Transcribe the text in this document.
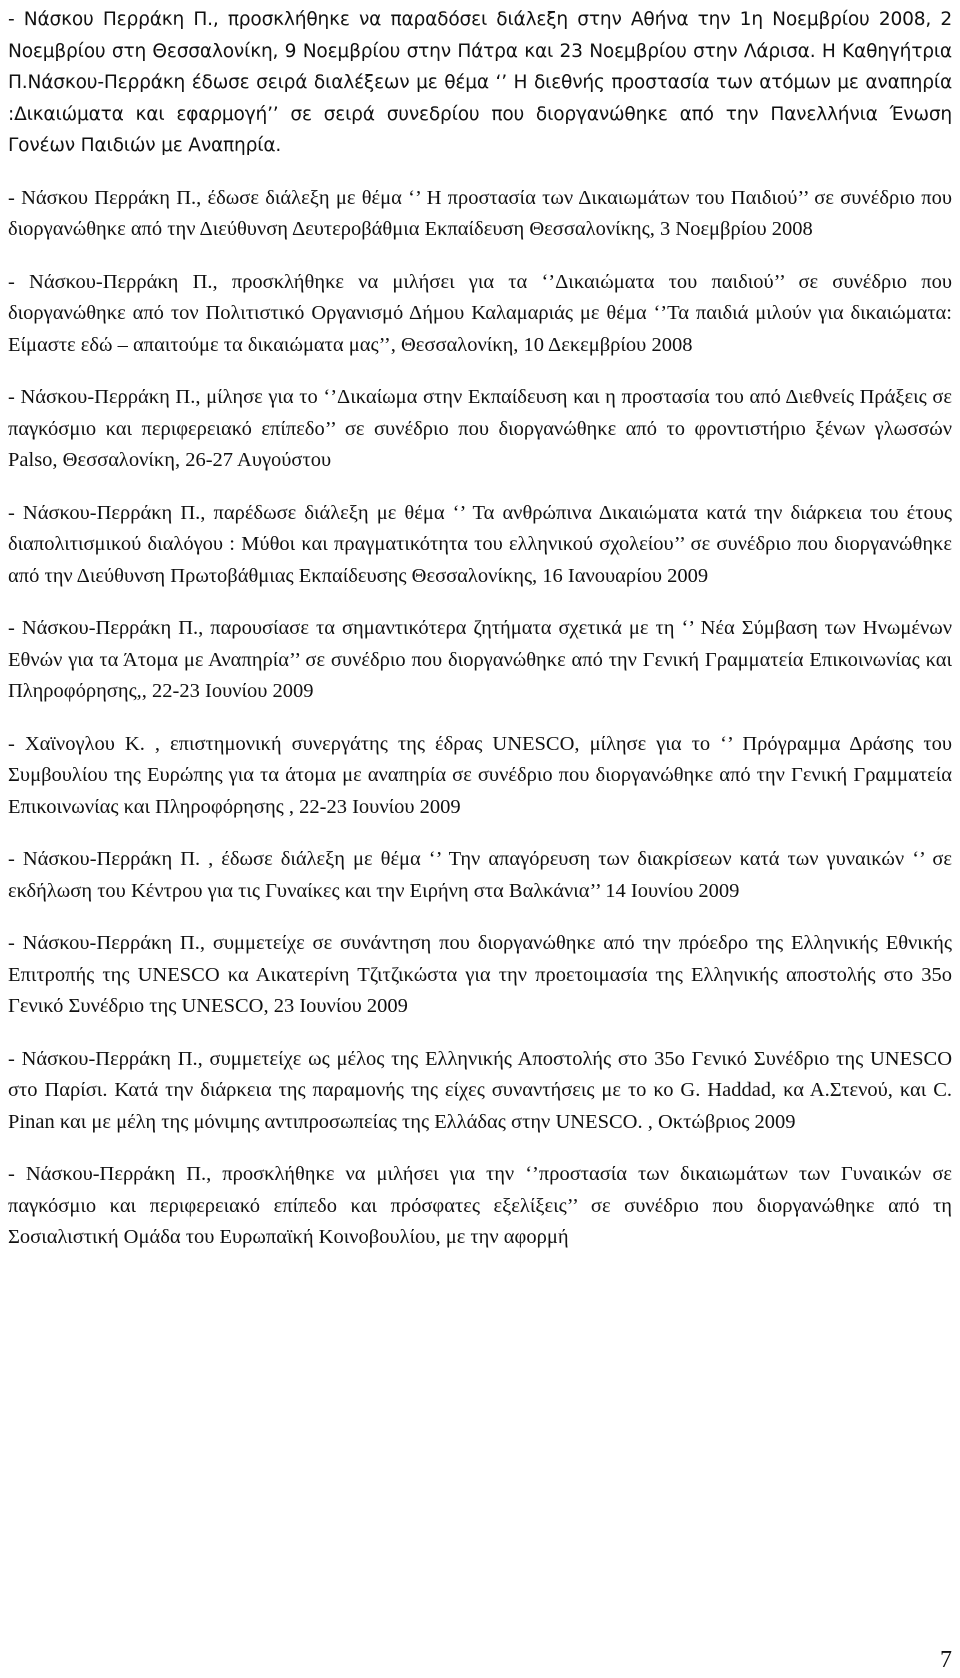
- Νάσκου Περράκη Π., προσκλήθηκε να παραδόσει διάλεξη στην Αθήνα την 1η Νοεμβρίου 2008, 2 Νοεμβρίου στη Θεσσαλονίκη, 9 Νοεμβρίου στην Πάτρα και 23 Νοεμβρίου στην Λάρισα. Η Καθηγήτρια Π.Νάσκου-Περράκη έδωσε σειρά διαλέξεων με θέμα ‘’ Η διεθνής προστασία των ατόμων με αναπηρία :Δικαιώματα και εφαρμογή’’ σε σειρά συνεδρίου που διοργανώθηκε από την Πανελλήνια Ένωση Γονέων Παιδιών με Αναπηρία.

- Νάσκου Περράκη Π., έδωσε διάλεξη με θέμα ‘’ Η προστασία των Δικαιωμάτων του Παιδιού’’ σε συνέδριο που διοργανώθηκε από την Διεύθυνση Δευτεροβάθμια Εκπαίδευση Θεσσαλονίκης, 3 Νοεμβρίου 2008

- Νάσκου-Περράκη Π., προσκλήθηκε να μιλήσει για τα ‘’Δικαιώματα του παιδιού’’ σε συνέδριο που διοργανώθηκε από τον Πολιτιστικό Οργανισμό Δήμου Καλαμαριάς με θέμα ‘’Τα παιδιά μιλούν για δικαιώματα: Είμαστε εδώ – απαιτούμε τα δικαιώματα μας’’, Θεσσαλονίκη, 10 Δεκεμβρίου 2008

- Νάσκου-Περράκη Π., μίλησε για το ‘’Δικαίωμα στην Εκπαίδευση και η προστασία του από Διεθνείς Πράξεις σε παγκόσμιο και περιφερειακό επίπεδο’’ σε συνέδριο που διοργανώθηκε από το φροντιστήριο ξένων γλωσσών Palso, Θεσσαλονίκη, 26-27 Αυγούστου

- Νάσκου-Περράκη Π., παρέδωσε διάλεξη με θέμα ‘’ Τα ανθρώπινα Δικαιώματα κατά την διάρκεια του έτους διαπολιτισμικού διαλόγου : Μύθοι και πραγματικότητα του ελληνικού σχολείου’’ σε συνέδριο που διοργανώθηκε από την Διεύθυνση Πρωτοβάθμιας Εκπαίδευσης Θεσσαλονίκης, 16 Ιανουαρίου 2009

- Νάσκου-Περράκη Π., παρουσίασε τα σημαντικότερα ζητήματα σχετικά με τη ‘’ Νέα Σύμβαση των Ηνωμένων Εθνών για τα Άτομα με Αναπηρία’’ σε συνέδριο που διοργανώθηκε από την Γενική Γραμματεία Επικοινωνίας και Πληροφόρησης,, 22-23 Ιουνίου 2009

- Χαϊνογλου Κ. , επιστημονική συνεργάτης της έδρας UNESCO, μίλησε για το ‘’ Πρόγραμμα Δράσης του Συμβουλίου της Ευρώπης για τα άτομα με αναπηρία σε συνέδριο που διοργανώθηκε από την Γενική Γραμματεία Επικοινωνίας και Πληροφόρησης , 22-23 Ιουνίου 2009

- Νάσκου-Περράκη Π. , έδωσε διάλεξη με θέμα ‘’ Την απαγόρευση των διακρίσεων κατά των γυναικών ‘’ σε εκδήλωση του Κέντρου για τις Γυναίκες και την Ειρήνη στα Βαλκάνια’’ 14 Ιουνίου 2009

- Νάσκου-Περράκη Π., συμμετείχε σε συνάντηση που διοργανώθηκε από την πρόεδρο της Ελληνικής Εθνικής Επιτροπής της UNESCO κα Αικατερίνη Τζιτζικώστα για την προετοιμασία της Ελληνικής αποστολής στο 35ο Γενικό Συνέδριο της UNESCO, 23 Ιουνίου 2009

- Νάσκου-Περράκη Π., συμμετείχε ως μέλος της Ελληνικής Αποστολής στο 35ο Γενικό Συνέδριο της UNESCO στο Παρίσι. Κατά την διάρκεια της παραμονής της είχες συναντήσεις με το κο G. Haddad, κα Α.Στενού, και C. Pinan και με μέλη της μόνιμης αντιπροσωπείας της Ελλάδας στην UNESCO. , Οκτώβριος 2009

- Νάσκου-Περράκη Π., προσκλήθηκε να μιλήσει για την ‘’προστασία των δικαιωμάτων των Γυναικών σε παγκόσμιο και περιφερειακό επίπεδο και πρόσφατες εξελίξεις’’ σε συνέδριο που διοργανώθηκε από τη Σοσιαλιστική Ομάδα του Ευρωπαϊκή Κοινοβουλίου, με την αφορμή

7
